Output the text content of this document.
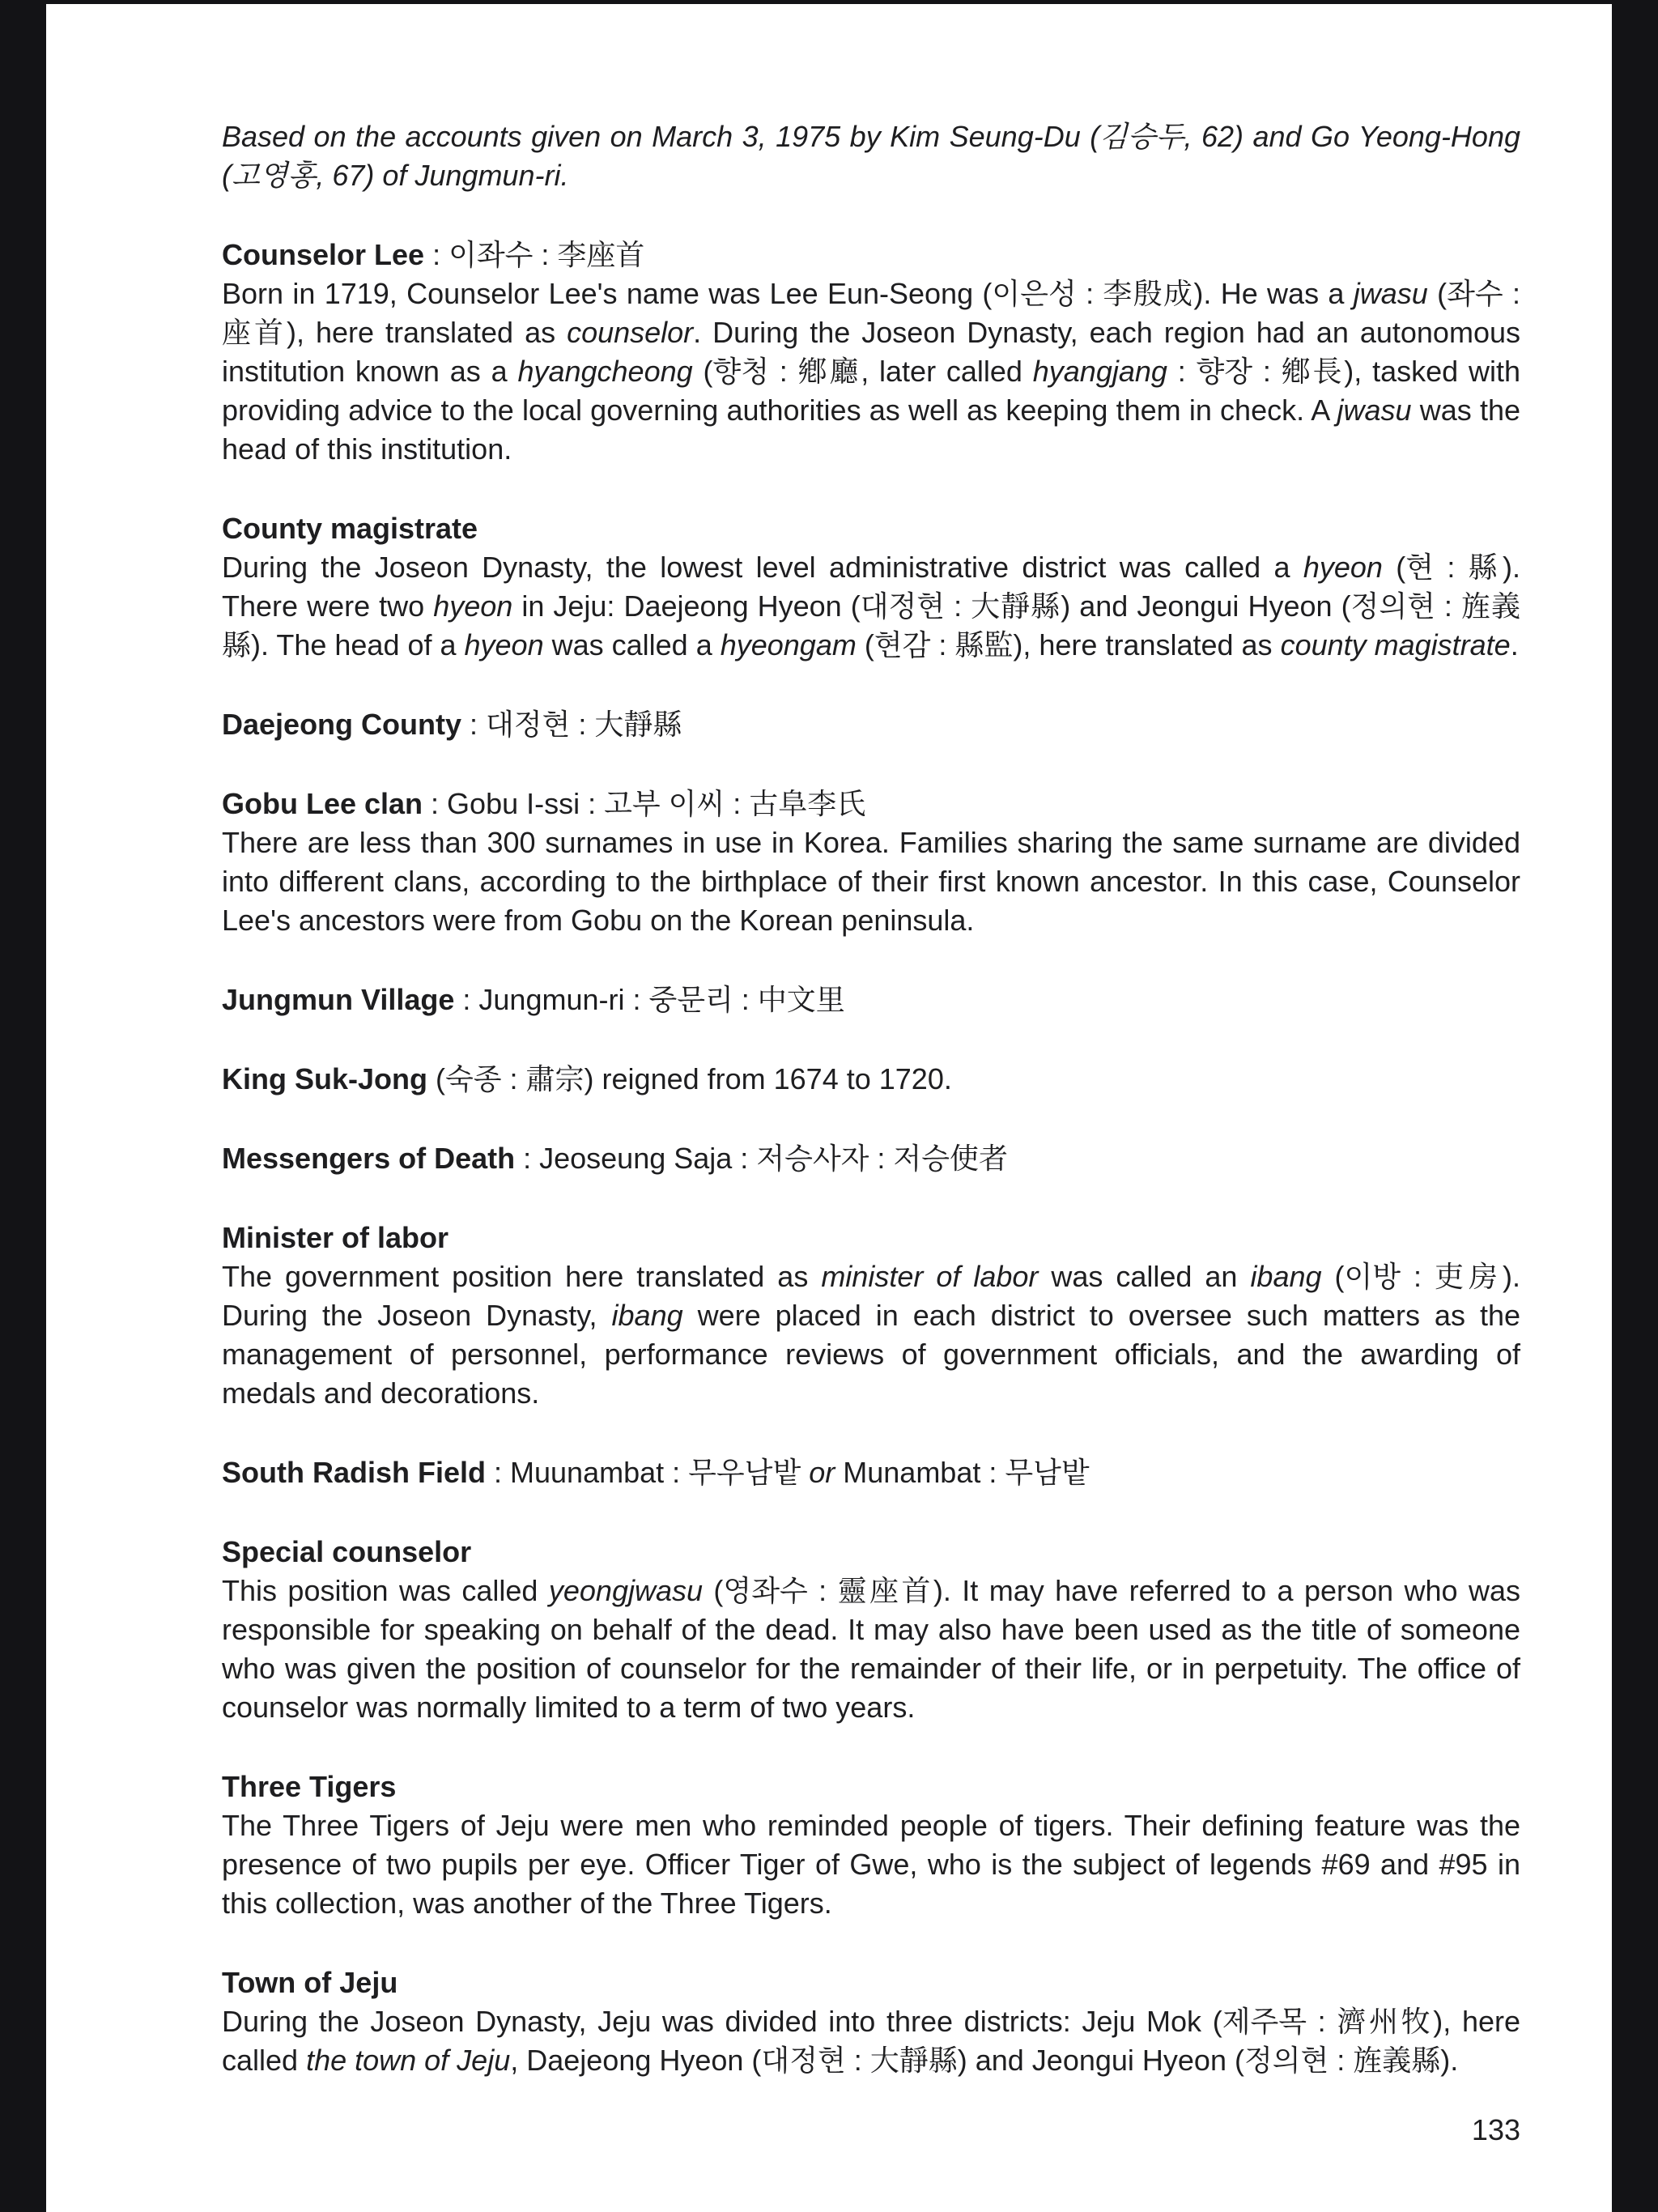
Based on the accounts given on March 3, 1975 by Kim Seung-Du (김승두, 62) and Go Yeong-Hong (고영홍, 67) of Jungmun-ri.

Counselor Lee : 이좌수 : 李座首

Born in 1719, Counselor Lee's name was Lee Eun-Seong (이은성 : 李殷成). He was a jwasu (좌수 : 座首), here translated as counselor. During the Joseon Dynasty, each region had an autonomous institution known as a hyangcheong (향청 : 鄕廳, later called hyangjang : 향장 : 鄕長), tasked with providing advice to the local governing authorities as well as keeping them in check. A jwasu was the head of this institution.

County magistrate

During the Joseon Dynasty, the lowest level administrative district was called a hyeon (현 : 縣). There were two hyeon in Jeju: Daejeong Hyeon (대정현 : 大靜縣) and Jeongui Hyeon (정의현 : 旌義縣). The head of a hyeon was called a hyeongam (현감 : 縣監), here translated as county magistrate.

Daejeong County : 대정현 : 大靜縣

Gobu Lee clan : Gobu I-ssi : 고부 이씨 : 古阜李氏

There are less than 300 surnames in use in Korea. Families sharing the same surname are divided into different clans, according to the birthplace of their first known ancestor. In this case, Counselor Lee's ancestors were from Gobu on the Korean peninsula.

Jungmun Village : Jungmun-ri : 중문리 : 中文里

King Suk-Jong (숙종 : 肅宗) reigned from 1674 to 1720.

Messengers of Death : Jeoseung Saja : 저승사자 : 저승使者

Minister of labor

The government position here translated as minister of labor was called an ibang (이방 : 吏房). During the Joseon Dynasty, ibang were placed in each district to oversee such matters as the management of personnel, performance reviews of government officials, and the awarding of medals and decorations.

South Radish Field : Muunambat : 무우남밭 or Munambat : 무남밭

Special counselor

This position was called yeongjwasu (영좌수 : 靈座首). It may have referred to a person who was responsible for speaking on behalf of the dead. It may also have been used as the title of someone who was given the position of counselor for the remainder of their life, or in perpetuity. The office of counselor was normally limited to a term of two years.

Three Tigers

The Three Tigers of Jeju were men who reminded people of tigers. Their defining feature was the presence of two pupils per eye. Officer Tiger of Gwe, who is the subject of legends #69 and #95 in this collection, was another of the Three Tigers.

Town of Jeju

During the Joseon Dynasty, Jeju was divided into three districts: Jeju Mok (제주목 : 濟州牧), here called the town of Jeju, Daejeong Hyeon (대정현 : 大靜縣) and Jeongui Hyeon (정의현 : 旌義縣).

133
